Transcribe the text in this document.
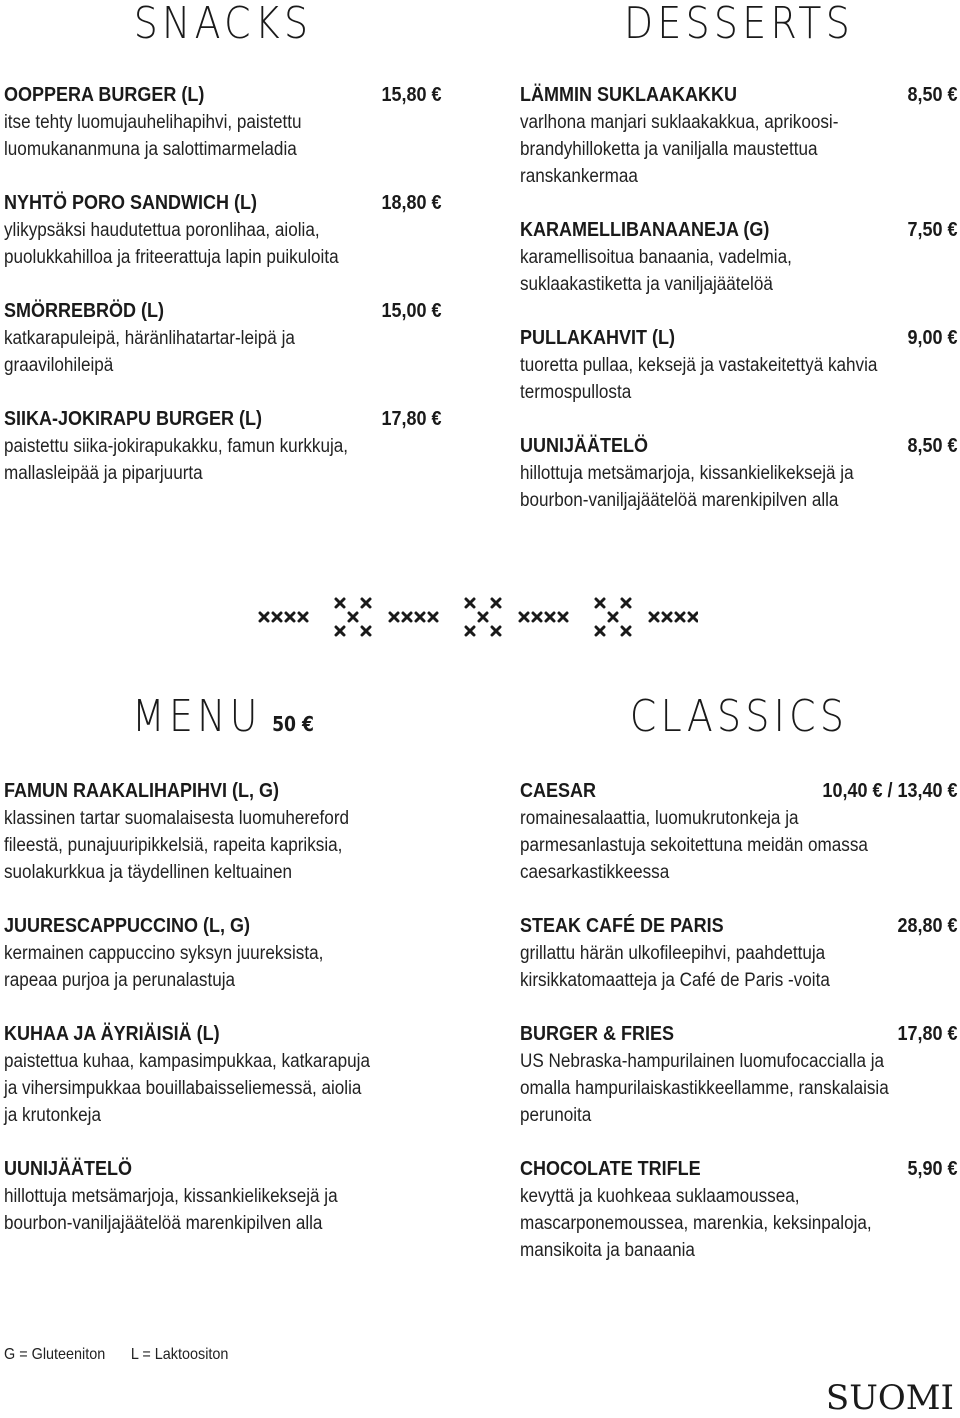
SNACKS
OOPPERA BURGER (L)	15,80 €
itse tehty luomujauhelihapihvi, paistettu
luomukananmuna ja salottimarmeladia
NYHTÖ PORO SANDWICH (L)	18,80 €
ylikypsäksi haudutettua poronlihaa, aiolia,
puolukkahilloa ja friteerattuja lapin puikuloita
SMÖRREBRÖD (L)	15,00 €
katkarapuleipä, häränlihatartar-leipä ja
graavilohileipä
SIIKA-JOKIRAPU BURGER (L)	17,80 €
paistettu siika-jokirapukakku, famun kurkkuja,
mallasleipää ja piparjuurta
DESSERTS
LÄMMIN SUKLAAKAKKU	8,50 €
varlhona manjari suklaakakkua, aprikoosi-
brandyhilloketta ja vaniljalla maustettua
ranskankermaa
KARAMELLIBANAANEJA (G)	7,50 €
karamellisoitua banaania, vadelmia,
suklaakastiketta ja vaniljajäätelöä
PULLAKAHVIT (L)	9,00 €
tuoretta pullaa, keksejä ja vastakeitettyä kahvia
termospullosta
UUNIJÄÄTELÖ	8,50 €
hillottuja metsämarjoja, kissankielikeksejä ja
bourbon-vaniljajäätelöä marenkipilven alla
MENU 50 €
FAMUN RAAKALIHAPIHVI (L, G)
klassinen tartar suomalaisesta luomuhereford
fileestä, punajuuripikkelsiä, rapeita kapriksia,
suolakurkkua ja täydellinen keltuainen
JUURESCAPPUCCINO (L, G)
kermainen cappuccino syksyn juureksista,
rapeaa purjoa ja perunalastuja
KUHAA JA ÄYRIÄISIÄ (L)
paistettua kuhaa, kampasimpukkaa, katkarapuja
ja vihersimpukkaa bouillabaisseliemessä, aiolia
ja krutonkeja
UUNIJÄÄTELÖ
hillottuja metsämarjoja, kissankielikeksejä ja
bourbon-vaniljajäätelöä marenkipilven alla
CLASSICS
CAESAR	10,40 € / 13,40 €
romainesalaattia, luomukrutonkeja ja
parmesanlastuja sekoitettuna meidän omassa
caesarkastikkeessa
STEAK CAFÉ DE PARIS	28,80 €
grillattu härän ulkofileepihvi, paahdettuja
kirsikkatomaatteja ja Café de Paris -voita
BURGER & FRIES	17,80 €
US Nebraska-hampurilainen luomufocaccialla ja
omalla hampurilaiskastikkeellamme, ranskalaisia
perunoita
CHOCOLATE TRIFLE	5,90 €
kevyttä ja kuohkeaa suklaamoussea,
mascarponemoussea, marenkia, keksinpaloja,
mansikoita ja banaania
G = Gluteeniton L = Laktoositon
SUOMI
